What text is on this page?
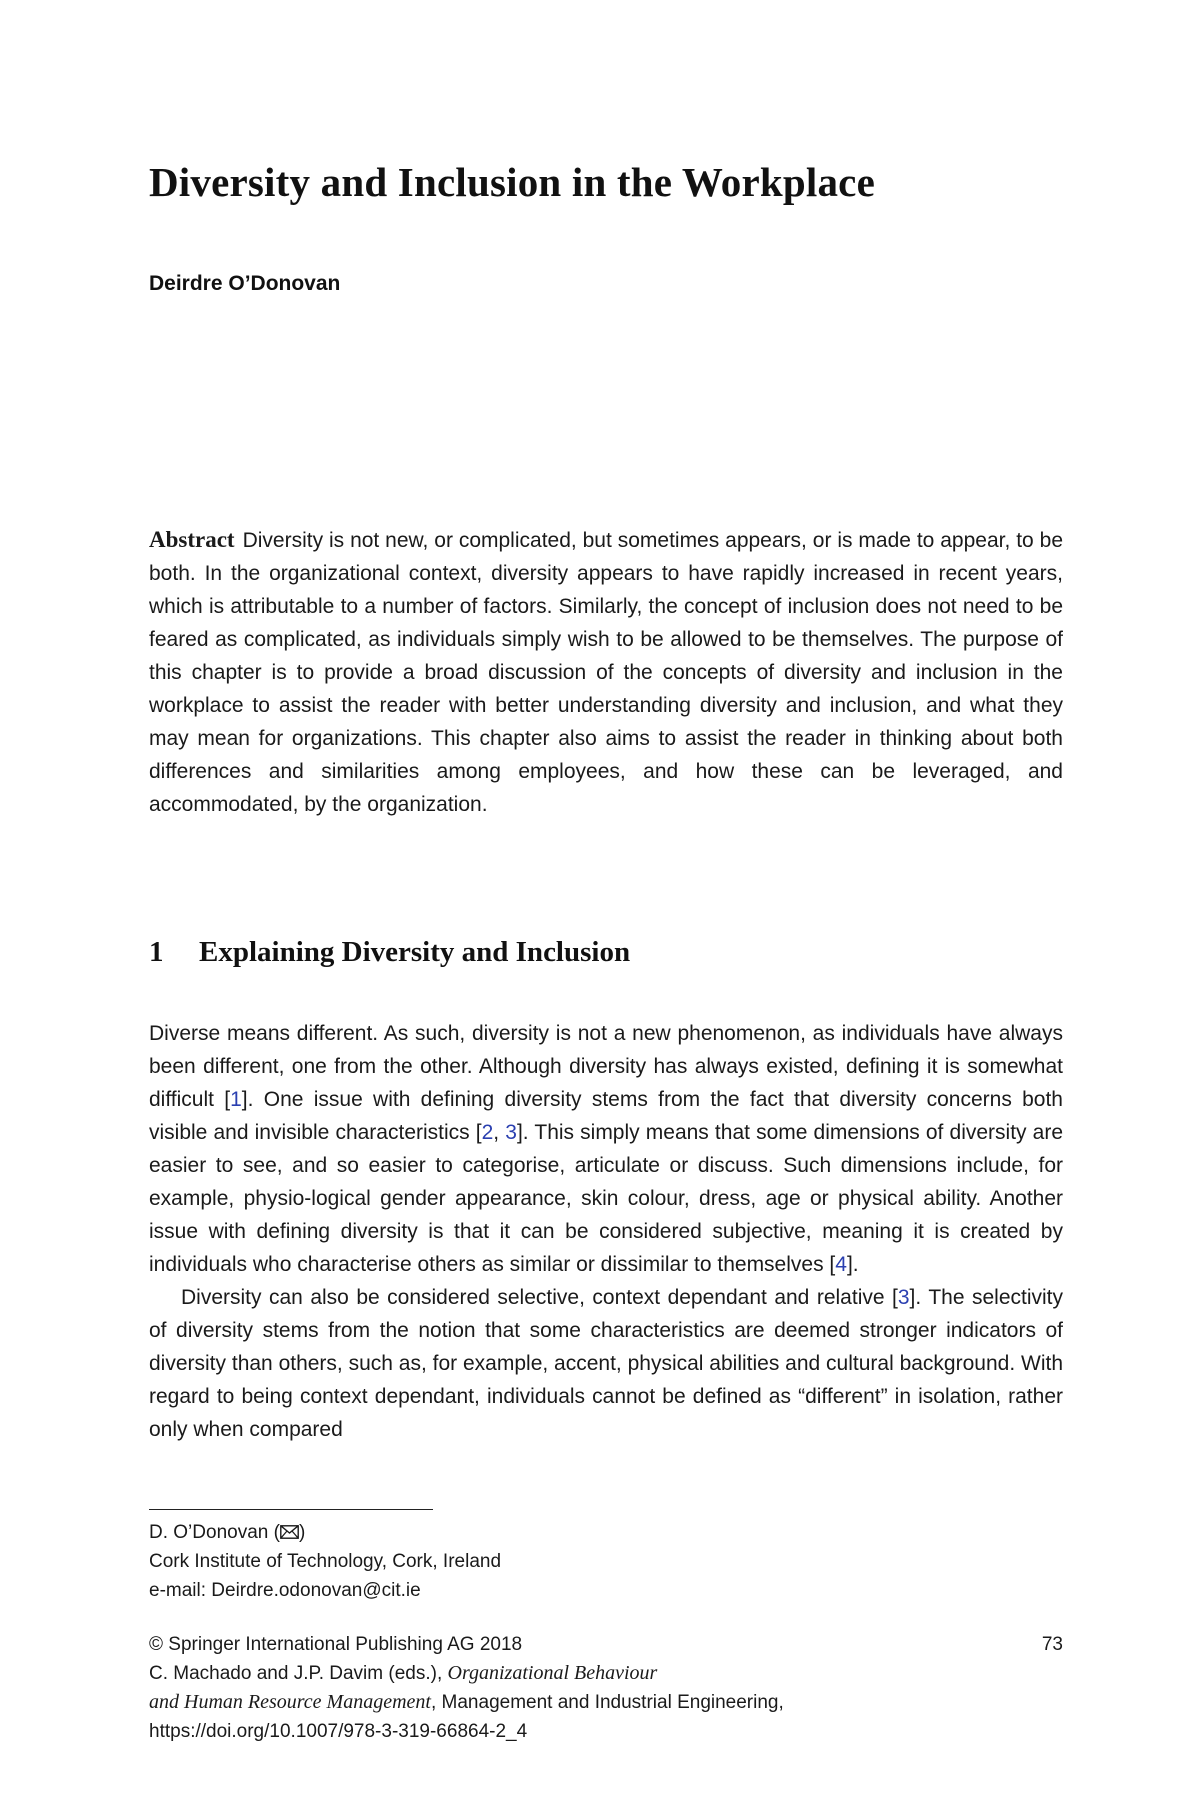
Diversity and Inclusion in the Workplace
Deirdre O’Donovan

Abstract Diversity is not new, or complicated, but sometimes appears, or is made to appear, to be both. In the organizational context, diversity appears to have rapidly increased in recent years, which is attributable to a number of factors. Similarly, the concept of inclusion does not need to be feared as complicated, as individuals simply wish to be allowed to be themselves. The purpose of this chapter is to provide a broad discussion of the concepts of diversity and inclusion in the workplace to assist the reader with better understanding diversity and inclusion, and what they may mean for organizations. This chapter also aims to assist the reader in thinking about both differences and similarities among employees, and how these can be leveraged, and accommodated, by the organization.

1 Explaining Diversity and Inclusion

Diverse means different. As such, diversity is not a new phenomenon, as individuals have always been different, one from the other. Although diversity has always existed, defining it is somewhat difficult [1]. One issue with defining diversity stems from the fact that diversity concerns both visible and invisible characteristics [2, 3]. This simply means that some dimensions of diversity are easier to see, and so easier to categorise, articulate or discuss. Such dimensions include, for example, physio-logical gender appearance, skin colour, dress, age or physical ability. Another issue with defining diversity is that it can be considered subjective, meaning it is created by individuals who characterise others as similar or dissimilar to themselves [4].

Diversity can also be considered selective, context dependant and relative [3]. The selectivity of diversity stems from the notion that some characteristics are deemed stronger indicators of diversity than others, such as, for example, accent, physical abilities and cultural background. With regard to being context dependant, individuals cannot be defined as “different” in isolation, rather only when compared

D. O’Donovan ( )
Cork Institute of Technology, Cork, Ireland
e-mail: Deirdre.odonovan@cit.ie
© Springer International Publishing AG 2018	73
C. Machado and J.P. Davim (eds.), Organizational Behaviour
and Human Resource Management, Management and Industrial Engineering,
https://doi.org/10.1007/978-3-319-66864-2_4
